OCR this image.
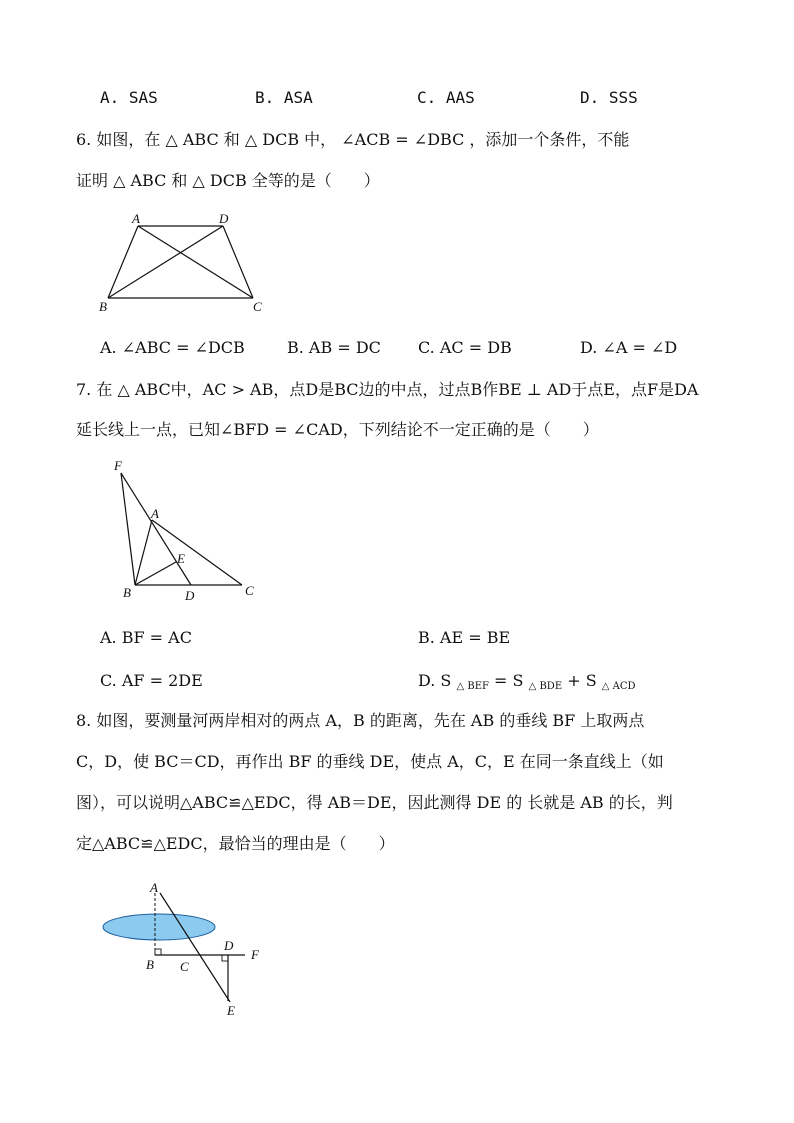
A. SAS	B. ASA	C. AAS	D. SSS
6. 如图，在 △ ABC 和 △ DCB 中， ∠ACB = ∠DBC ，添加一个条件，不能
证明 △ ABC 和 △ DCB 全等的是（　　）
A	D
B	C
A. ∠ABC = ∠DCB	B. AB = DC C. AC = DB	D. ∠A = ∠D
7. 在 △ ABC中，AC > AB，点D是BC边的中点，过点B作BE ⊥ AD于点E，点F是DA
延长线上一点，已知∠BFD = ∠CAD，下列结论不一定正确的是（　　）
F
A
E
B	D	C
A. BF = AC	B. AE = BE
C. AF = 2DE	D. S $_{\triangle BEF}$ = S $_{\triangle BDE}$ + S $_{\triangle ACD}$
8. 如图，要测量河两岸相对的两点 A，B 的距离，先在 AB 的垂线 BF 上取两点
C，D，使 BC＝CD，再作出 BF 的垂线 DE，使点 A，C，E 在同一条直线上（如
图），可以说明△ABC≌△EDC，得 AB＝DE，因此测得 DE 的 长就是 AB 的长，判
定△ABC≌△EDC，最恰当的理由是（　　）
A
B C
D
F
E
